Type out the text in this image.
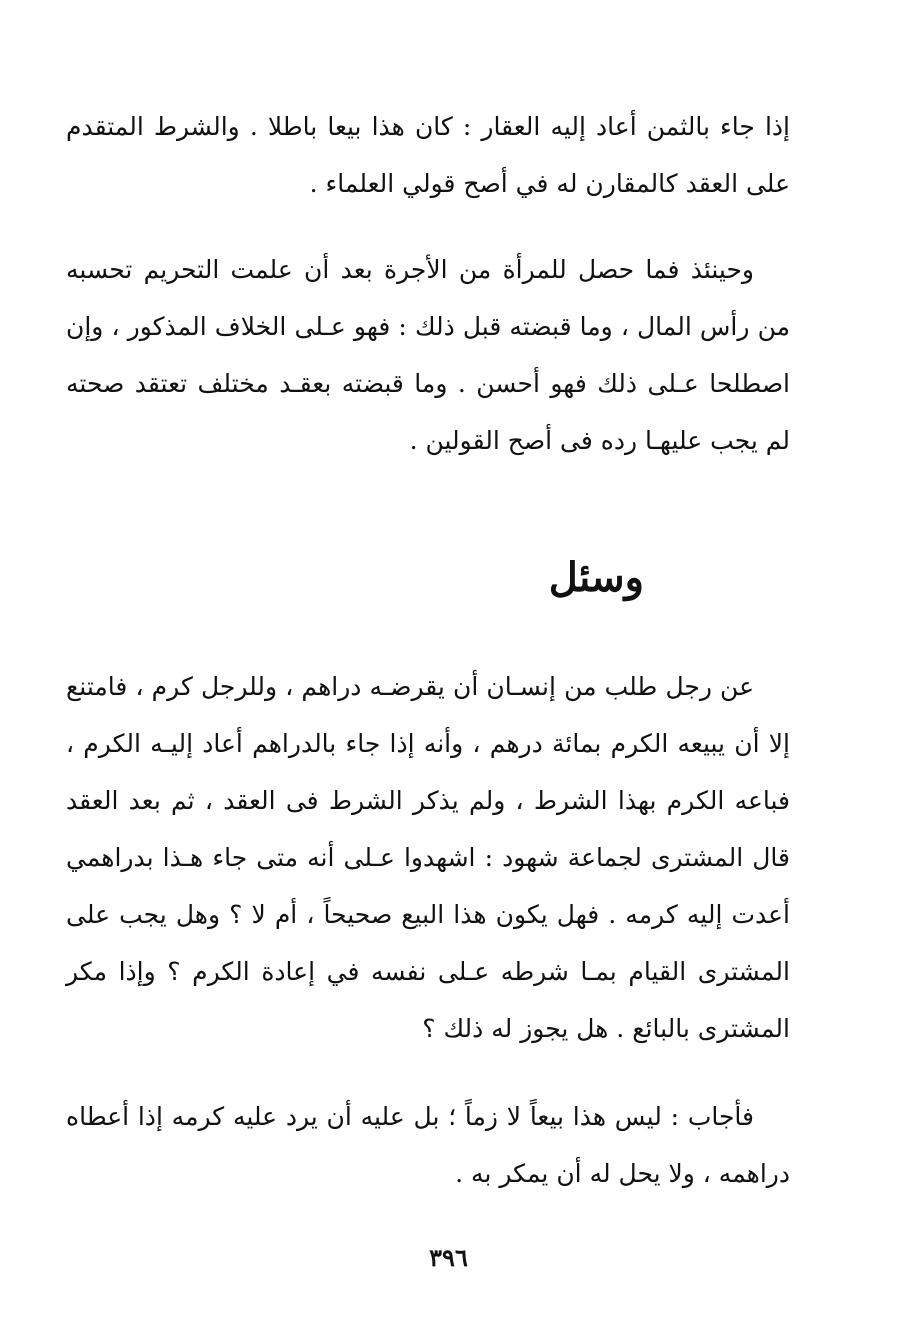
إذا جاء بالثمن أعاد إليه العقار : كان هذا بيعا باطلا . والشرط المتقدم على العقد كالمقارن له في أصح قولي العلماء .

وحينئذ فما حصل للمرأة من الأجرة بعد أن علمت التحريم تحسبه من رأس المال ، وما قبضته قبل ذلك : فهو عـلى الخلاف المذكور ، وإن اصطلحا عـلى ذلك فهو أحسن . وما قبضته بعقـد مختلف تعتقد صحته لم يجب عليهـا رده فى أصح القولين .

وسئل

عن رجل طلب من إنسـان أن يقرضـه دراهم ، وللرجل كرم ، فامتنع إلا أن يبيعه الكرم بمائة درهم ، وأنه إذا جاء بالدراهم أعاد إليـه الكرم ، فباعه الكرم بهذا الشرط ، ولم يذكر الشرط فى العقد ، ثم بعد العقد قال المشترى لجماعة شهود : اشهدوا عـلى أنه متى جاء هـذا بدراهمي أعدت إليه كرمه . فهل يكون هذا البيع صحيحاً ، أم لا ؟ وهل يجب على المشترى القيام بمـا شرطه عـلى نفسه في إعادة الكرم ؟ وإذا مكر المشترى بالبائع . هل يجوز له ذلك ؟

فأجاب : ليس هذا بيعاً لا زماً ؛ بل عليه أن يرد عليه كرمه إذا أعطاه دراهمه ، ولا يحل له أن يمكر به .

٣٩٦
